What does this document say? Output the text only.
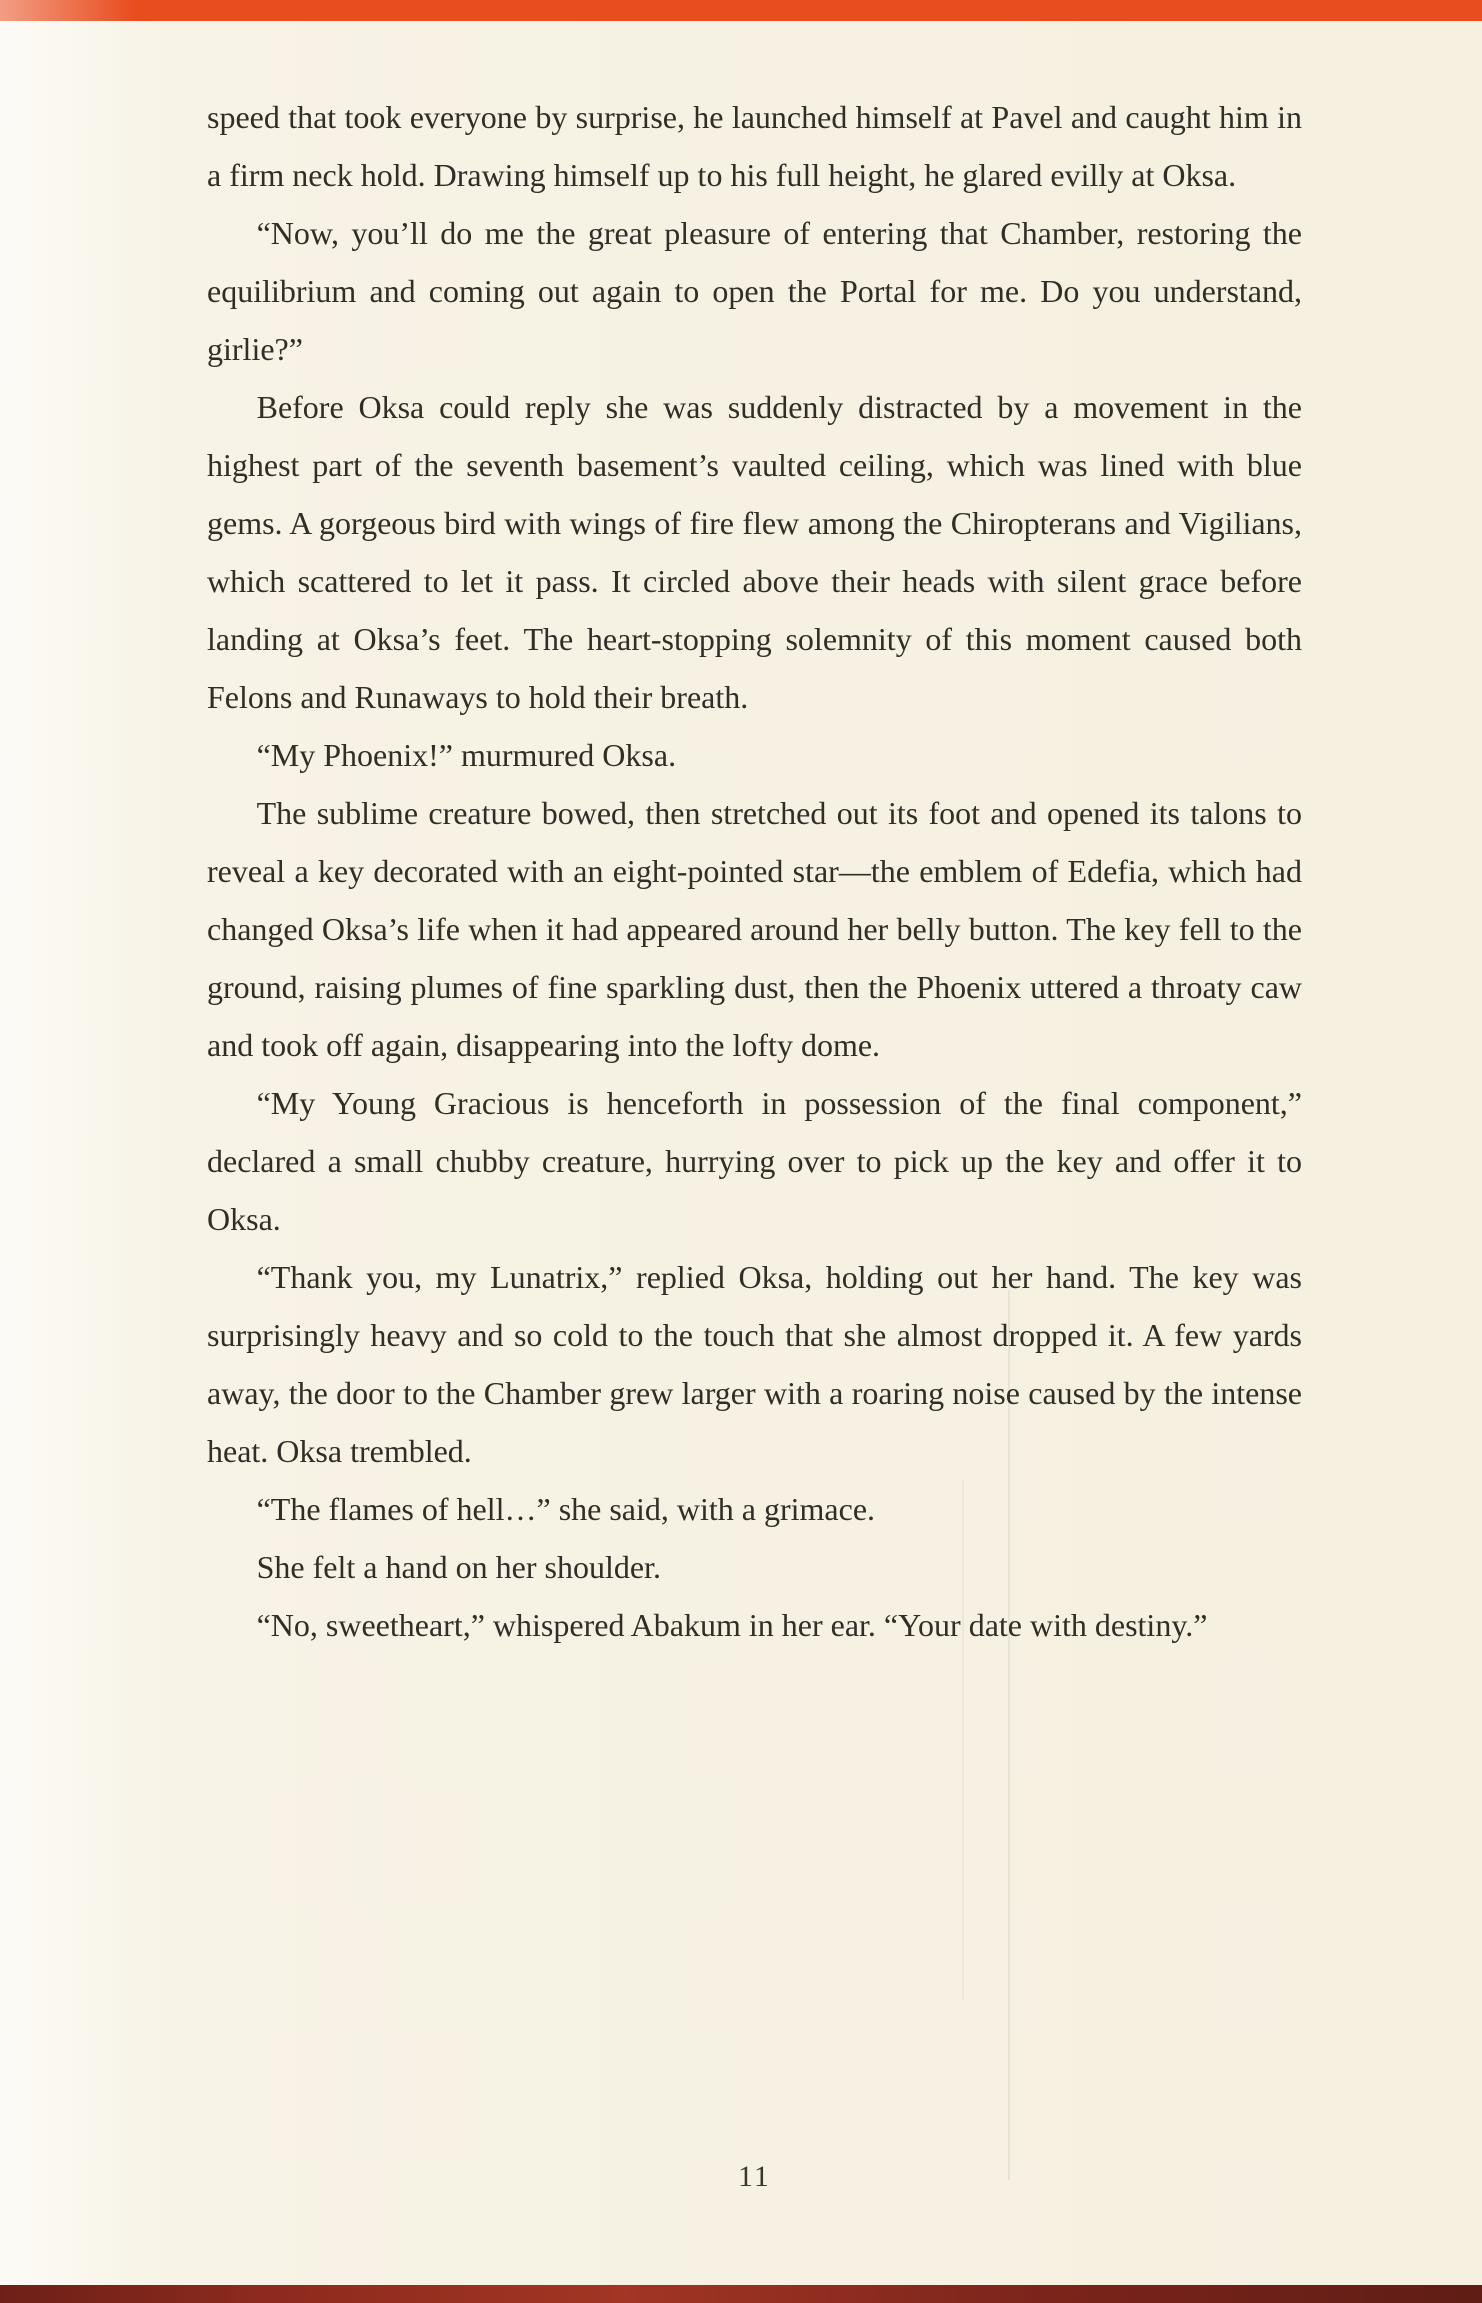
speed that took everyone by surprise, he launched himself at Pavel and caught him in a firm neck hold. Drawing himself up to his full height, he glared evilly at Oksa.

“Now, you’ll do me the great pleasure of entering that Chamber, restoring the equilibrium and coming out again to open the Portal for me. Do you understand, girlie?”

Before Oksa could reply she was suddenly distracted by a movement in the highest part of the seventh basement’s vaulted ceiling, which was lined with blue gems. A gorgeous bird with wings of fire flew among the Chiropterans and Vigilians, which scattered to let it pass. It circled above their heads with silent grace before landing at Oksa’s feet. The heart-stopping solemnity of this moment caused both Felons and Runaways to hold their breath.

“My Phoenix!” murmured Oksa.

The sublime creature bowed, then stretched out its foot and opened its talons to reveal a key decorated with an eight-pointed star—the emblem of Edefia, which had changed Oksa’s life when it had appeared around her belly button. The key fell to the ground, raising plumes of fine sparkling dust, then the Phoenix uttered a throaty caw and took off again, disappearing into the lofty dome.

“My Young Gracious is henceforth in possession of the final component,” declared a small chubby creature, hurrying over to pick up the key and offer it to Oksa.

“Thank you, my Lunatrix,” replied Oksa, holding out her hand. The key was surprisingly heavy and so cold to the touch that she almost dropped it. A few yards away, the door to the Chamber grew larger with a roaring noise caused by the intense heat. Oksa trembled.

“The flames of hell…” she said, with a grimace.

She felt a hand on her shoulder.

“No, sweetheart,” whispered Abakum in her ear. “Your date with destiny.”

11
